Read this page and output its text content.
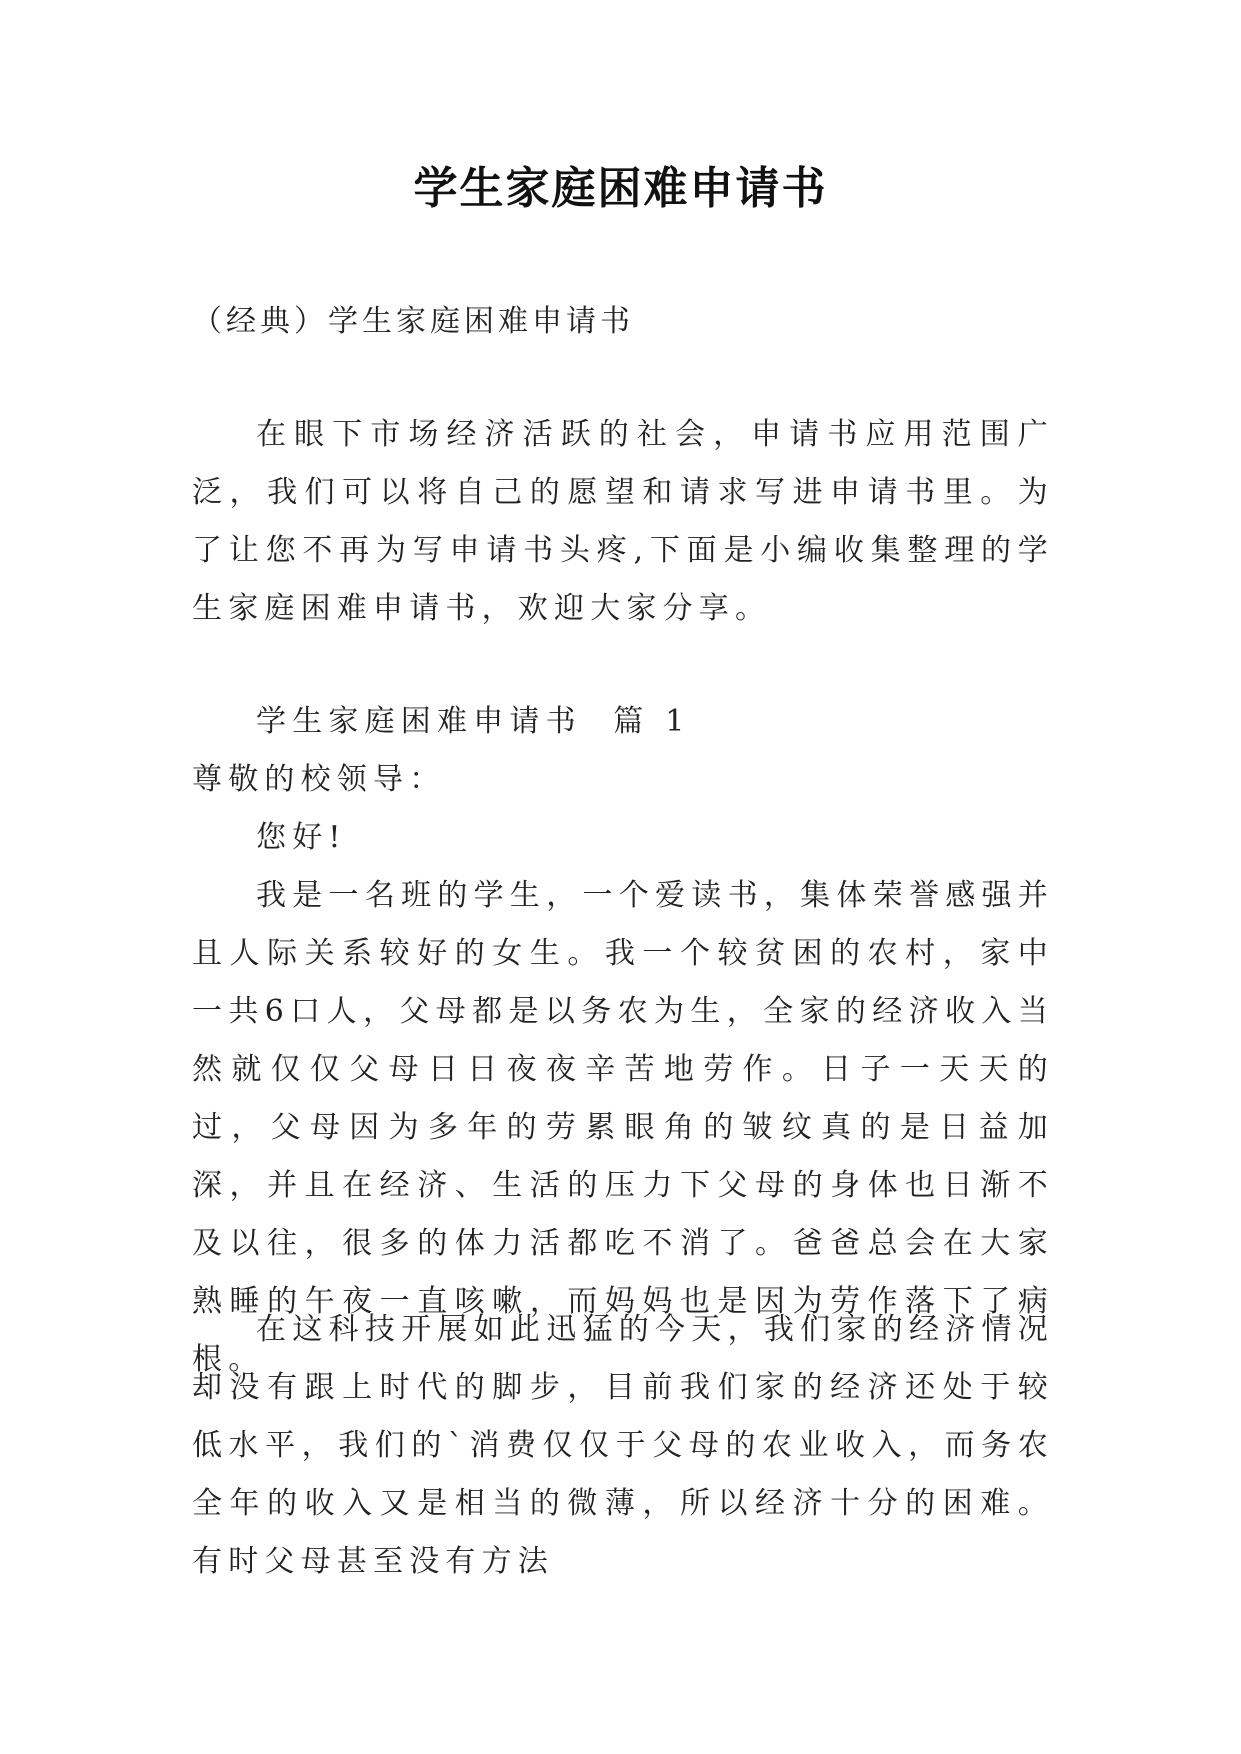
学生家庭困难申请书
（经典）学生家庭困难申请书

在眼下市场经济活跃的社会，申请书应用范围广泛，我们可以将自己的愿望和请求写进申请书里。为了让您不再为写申请书头疼,下面是小编收集整理的学生家庭困难申请书，欢迎大家分享。

学生家庭困难申请书  篇 1

尊敬的校领导：

您好!

我是一名班的学生，一个爱读书，集体荣誉感强并且人际关系较好的女生。我一个较贫困的农村，家中一共6口人，父母都是以务农为生，全家的经济收入当然就仅仅父母日日夜夜辛苦地劳作。日子一天天的过，父母因为多年的劳累眼角的皱纹真的是日益加深，并且在经济、生活的压力下父母的身体也日渐不及以往，很多的体力活都吃不消了。爸爸总会在大家熟睡的午夜一直咳嗽，而妈妈也是因为劳作落下了病根。

在这科技开展如此迅猛的今天，我们家的经济情况却没有跟上时代的脚步，目前我们家的经济还处于较低水平，我们的`消费仅仅于父母的农业收入，而务农全年的收入又是相当的微薄，所以经济十分的困难。有时父母甚至没有方法
